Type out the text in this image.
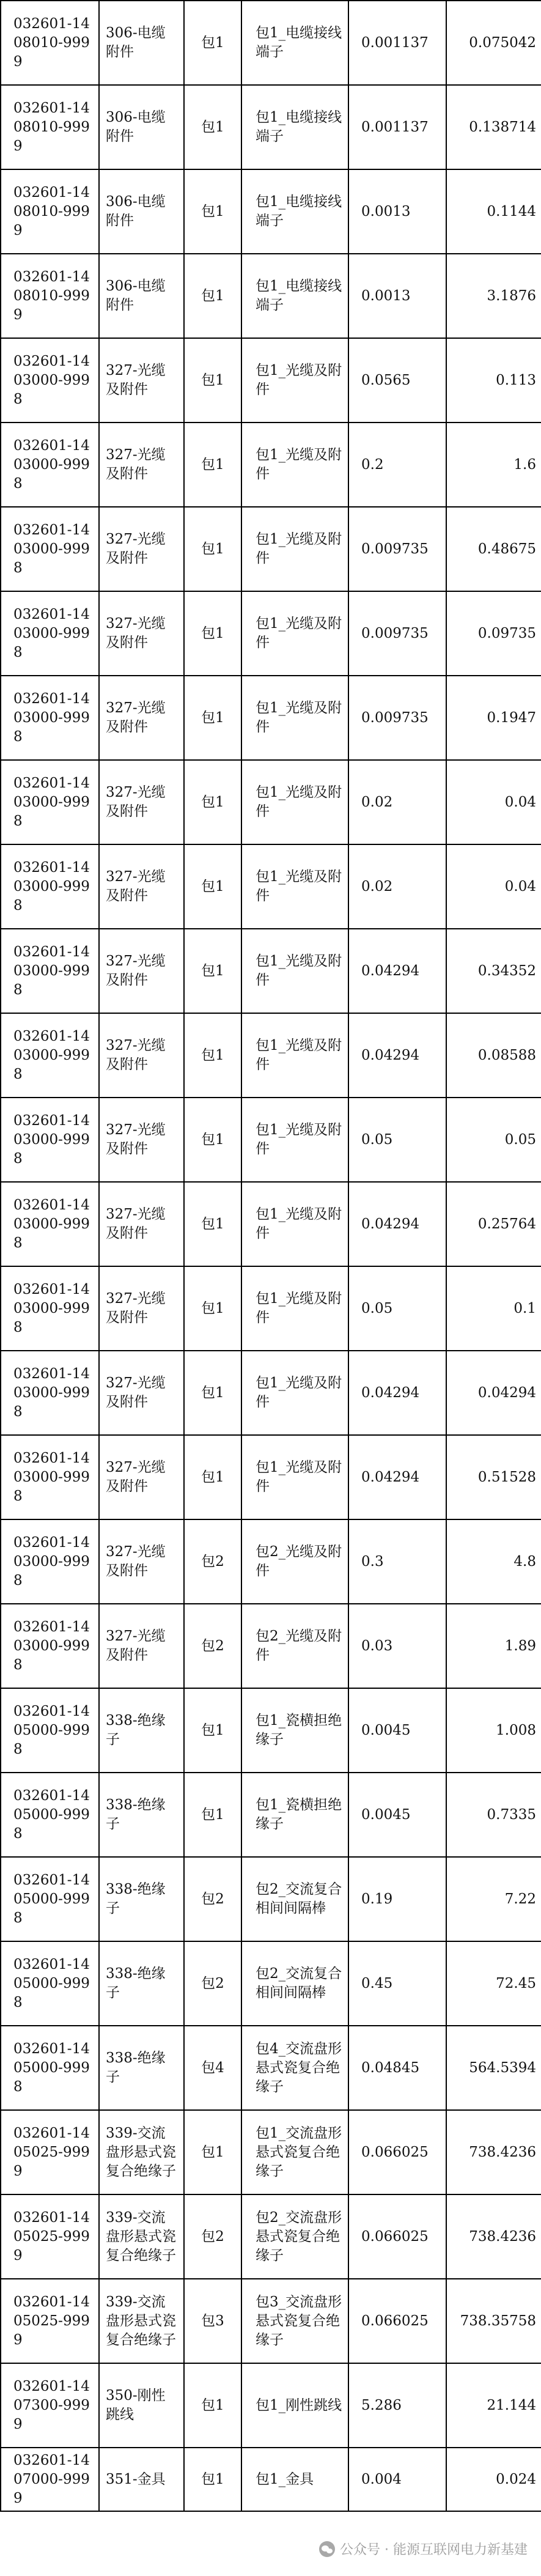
032601-1408010-9999	306-电缆附件	包1	包1_电缆接线端子	0.001137	0.075042
032601-1408010-9999	306-电缆附件	包1	包1_电缆接线端子	0.001137	0.138714
032601-1408010-9999	306-电缆附件	包1	包1_电缆接线端子	0.0013	0.1144
032601-1408010-9999	306-电缆附件	包1	包1_电缆接线端子	0.0013	3.1876
032601-1403000-9998	327-光缆及附件	包1	包1_光缆及附件	0.0565	0.113
032601-1403000-9998	327-光缆及附件	包1	包1_光缆及附件	0.2	1.6
032601-1403000-9998	327-光缆及附件	包1	包1_光缆及附件	0.009735	0.48675
032601-1403000-9998	327-光缆及附件	包1	包1_光缆及附件	0.009735	0.09735
032601-1403000-9998	327-光缆及附件	包1	包1_光缆及附件	0.009735	0.1947
032601-1403000-9998	327-光缆及附件	包1	包1_光缆及附件	0.02	0.04
032601-1403000-9998	327-光缆及附件	包1	包1_光缆及附件	0.02	0.04
032601-1403000-9998	327-光缆及附件	包1	包1_光缆及附件	0.04294	0.34352
032601-1403000-9998	327-光缆及附件	包1	包1_光缆及附件	0.04294	0.08588
032601-1403000-9998	327-光缆及附件	包1	包1_光缆及附件	0.05	0.05
032601-1403000-9998	327-光缆及附件	包1	包1_光缆及附件	0.04294	0.25764
032601-1403000-9998	327-光缆及附件	包1	包1_光缆及附件	0.05	0.1
032601-1403000-9998	327-光缆及附件	包1	包1_光缆及附件	0.04294	0.04294
032601-1403000-9998	327-光缆及附件	包1	包1_光缆及附件	0.04294	0.51528
032601-1403000-9998	327-光缆及附件	包2	包2_光缆及附件	0.3	4.8
032601-1403000-9998	327-光缆及附件	包2	包2_光缆及附件	0.03	1.89
032601-1405000-9998	338-绝缘子	包1	包1_瓷横担绝缘子	0.0045	1.008
032601-1405000-9998	338-绝缘子	包1	包1_瓷横担绝缘子	0.0045	0.7335
032601-1405000-9998	338-绝缘子	包2	包2_交流复合相间间隔棒	0.19	7.22
032601-1405000-9998	338-绝缘子	包2	包2_交流复合相间间隔棒	0.45	72.45
032601-1405000-9998	338-绝缘子	包4	包4_交流盘形悬式瓷复合绝缘子	0.04845	564.5394
032601-1405025-9999	339-交流盘形悬式瓷复合绝缘子	包1	包1_交流盘形悬式瓷复合绝缘子	0.066025	738.4236
032601-1405025-9999	339-交流盘形悬式瓷复合绝缘子	包2	包2_交流盘形悬式瓷复合绝缘子	0.066025	738.4236
032601-1405025-9999	339-交流盘形悬式瓷复合绝缘子	包3	包3_交流盘形悬式瓷复合绝缘子	0.066025	738.35758
032601-1407300-9999	350-刚性跳线	包1	包1_刚性跳线	5.286	21.144
032601-1407000-9999	351-金具	包1	包1_金具	0.004	0.024
公众号 · 能源互联网电力新基建
